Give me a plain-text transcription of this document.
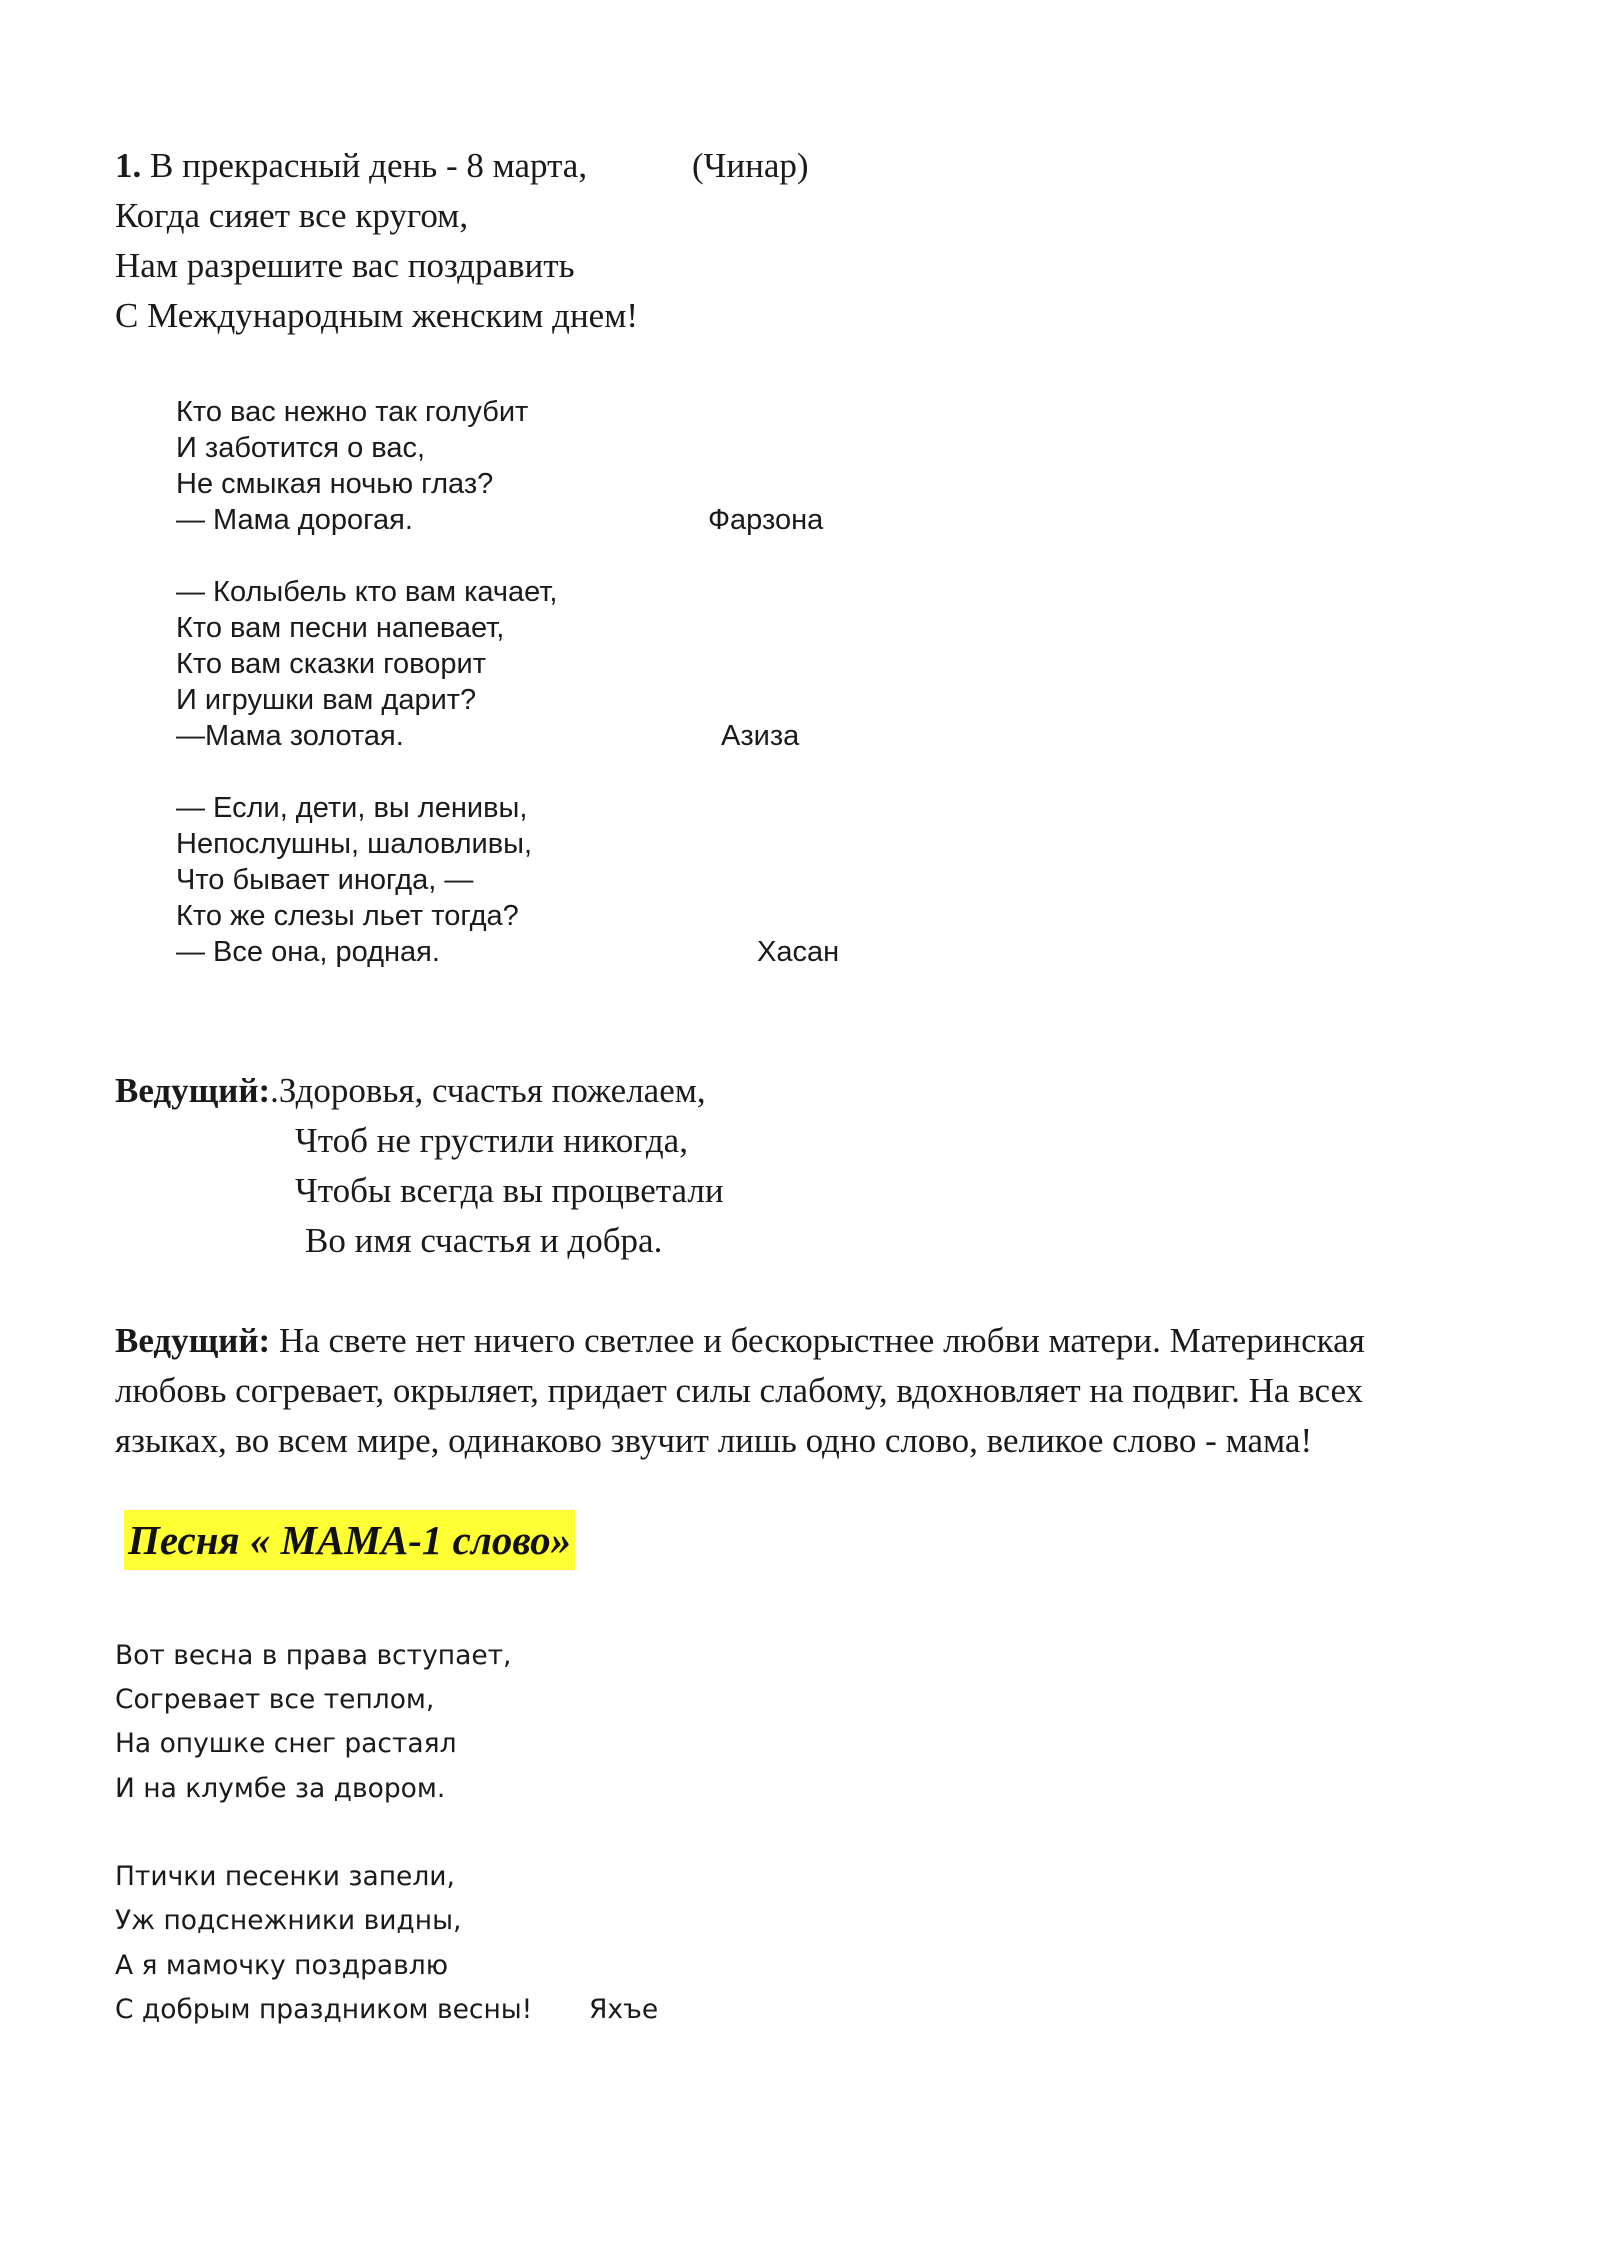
1. В прекрасный день - 8 марта,	(Чинар)
Когда сияет все кругом,
Нам разрешите вас поздравить
С Международным женским днем!
Кто вас нежно так голубит
И заботится о вас,
Не смыкая ночью глаз?
— Мама дорогая.	Фарзона
— Колыбель кто вам качает,
Кто вам песни напевает,
Кто вам сказки говорит
И игрушки вам дарит?
—Мама золотая.	Азиза
— Если, дети, вы ленивы,
Непослушны, шаловливы,
Что бывает иногда, —
Кто же слезы льет тогда?
— Все она, родная.	Хасан
Ведущий:.Здоровья, счастья пожелаем,
Чтоб не грустили никогда,
Чтобы всегда вы процветали
Во имя счастья и добра.
Ведущий: На свете нет ничего светлее и бескорыстнее любви матери. Материнская
любовь согревает, окрыляет, придает силы слабому, вдохновляет на подвиг. На всех
языках, во всем мире, одинаково звучит лишь одно слово, великое слово - мама!
Песня « МАМА-1 слово»
Вот весна в права вступает,
Согревает все теплом,
На опушке снег растаял
И на клумбе за двором.
Птички песенки запели,
Уж подснежники видны,
А я мамочку поздравлю
С добрым праздником весны! Яхъе
